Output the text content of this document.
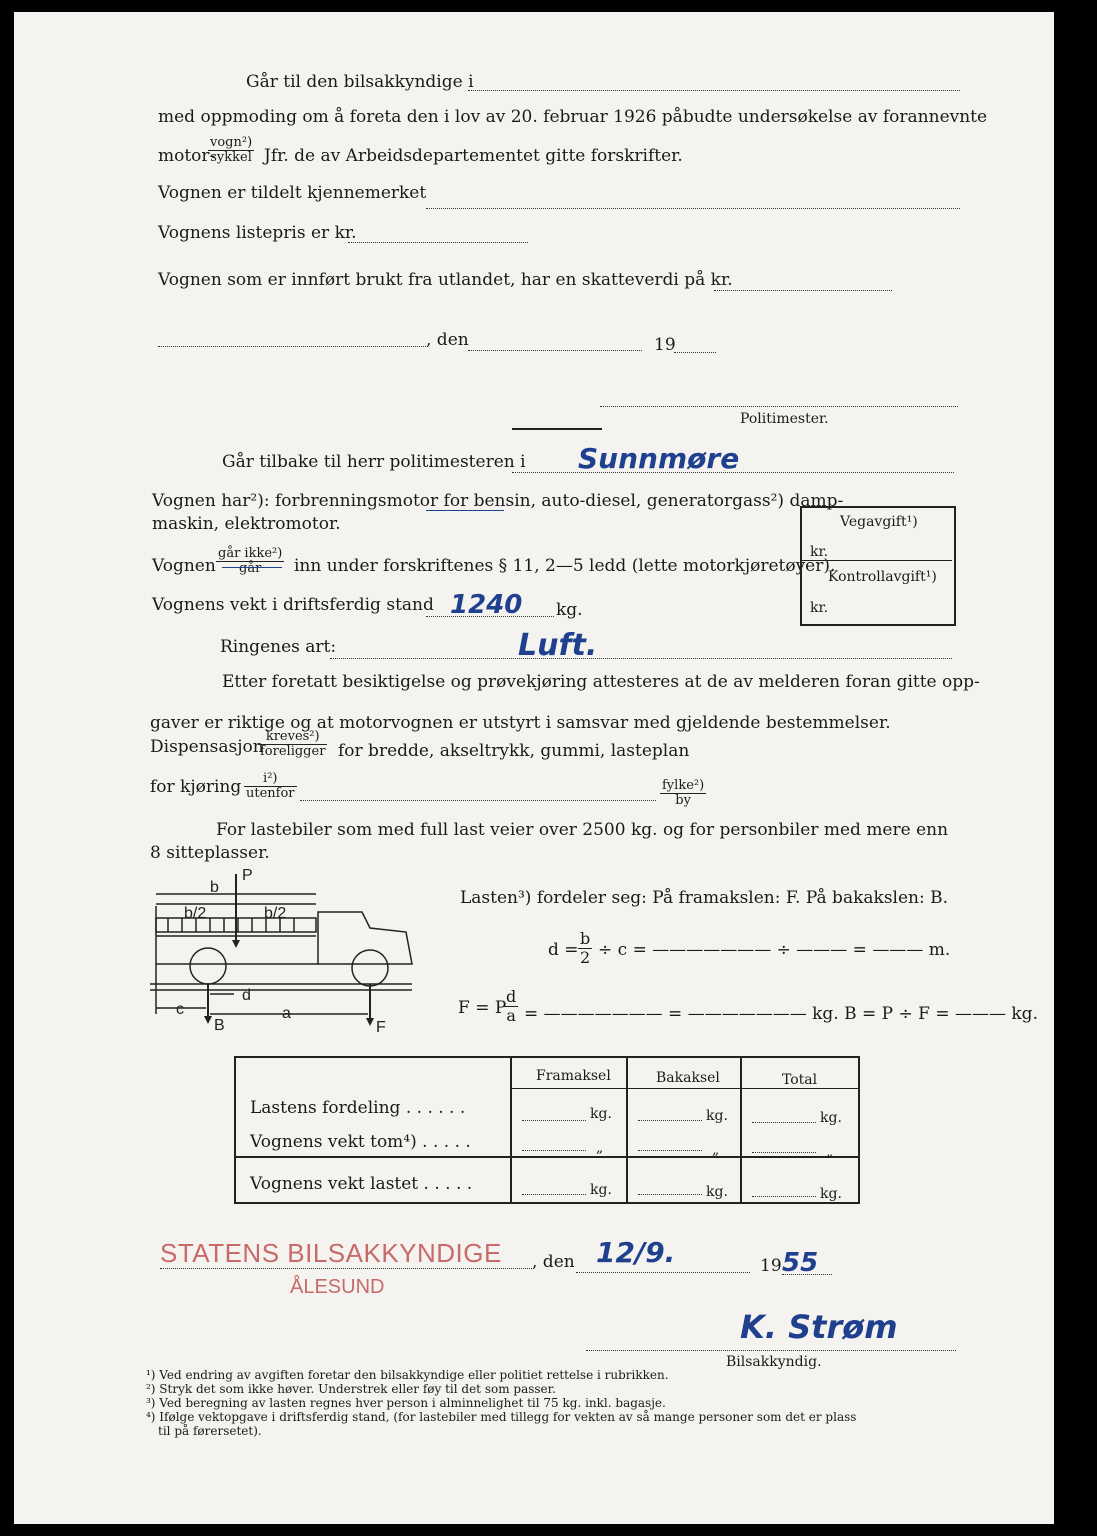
Går til den bilsakkyndige i
med oppmoding om å foreta den i lov av 20. februar 1926 påbudte undersøkelse av forannevnte
motor-
vogn²)
sykkel Jfr. de av Arbeidsdepartementet gitte forskrifter.
Vognen er tildelt kjennemerket
Vognens listepris er kr.
Vognen som er innført brukt fra utlandet, har en skatteverdi på kr.
, den	19
Politimester.
Går tilbake til herr politimesteren i Sunnmøre
Vognen har²): forbrenningsmotor for bensin, auto-diesel, generatorgass²) damp-
maskin, elektromotor.
Vognen
går ikke²)
går	inn under forskriftenes § 11, 2—5 ledd (lette motorkjøretøyer).
Vognens vekt i driftsferdig stand 1240 kg.
Vegavgift¹)
kr.
Kontrollavgift¹)
kr.
Ringenes art:	Luft.
Etter foretatt besiktigelse og prøvekjøring attesteres at de av melderen foran gitte opp-
gaver er riktige og at motorvognen er utstyrt i samsvar med gjeldende bestemmelser.
Dispensasjon
kreves²)
foreligger for bredde, akseltrykk, gummi, lasteplan
for kjøring	i²)
utenfor
fylke²)
by
For lastebiler som med full last veier over 2500 kg. og for personbiler med mere enn
8 sitteplasser.
P
b
b/2	b/2
d
c	a
B	F
Lasten³) fordeler seg: På framakslen: F. På bakakslen: B.
$d = \frac{b}{2} \div c$ = ——————— ÷ ——— = ——— m.
F = P
$\frac{d}{a}$ = ——————— = ——————— kg. B = P ÷ F = ——— kg.
Framaksel	Bakaksel	Total
Lastens fordeling . . . . . .	kg.	kg.	kg.
Vognens vekt tom⁴) . . . . .	„	„	„
Vognens vekt lastet . . . . .	kg.	kg.	kg.
STATENS BILSAKKYNDIGE
ÅLESUND
, den 12/9.	19 55
K. Strøm
Bilsakkyndig.
¹) Ved endring av avgiften foretar den bilsakkyndige eller politiet rettelse i rubrikken.
²) Stryk det som ikke høver. Understrek eller føy til det som passer.
³) Ved beregning av lasten regnes hver person i alminnelighet til 75 kg. inkl. bagasje.
⁴) Ifølge vektopgave i driftsferdig stand, (for lastebiler med tillegg for vekten av så mange personer som det er plass
til på førersetet).
